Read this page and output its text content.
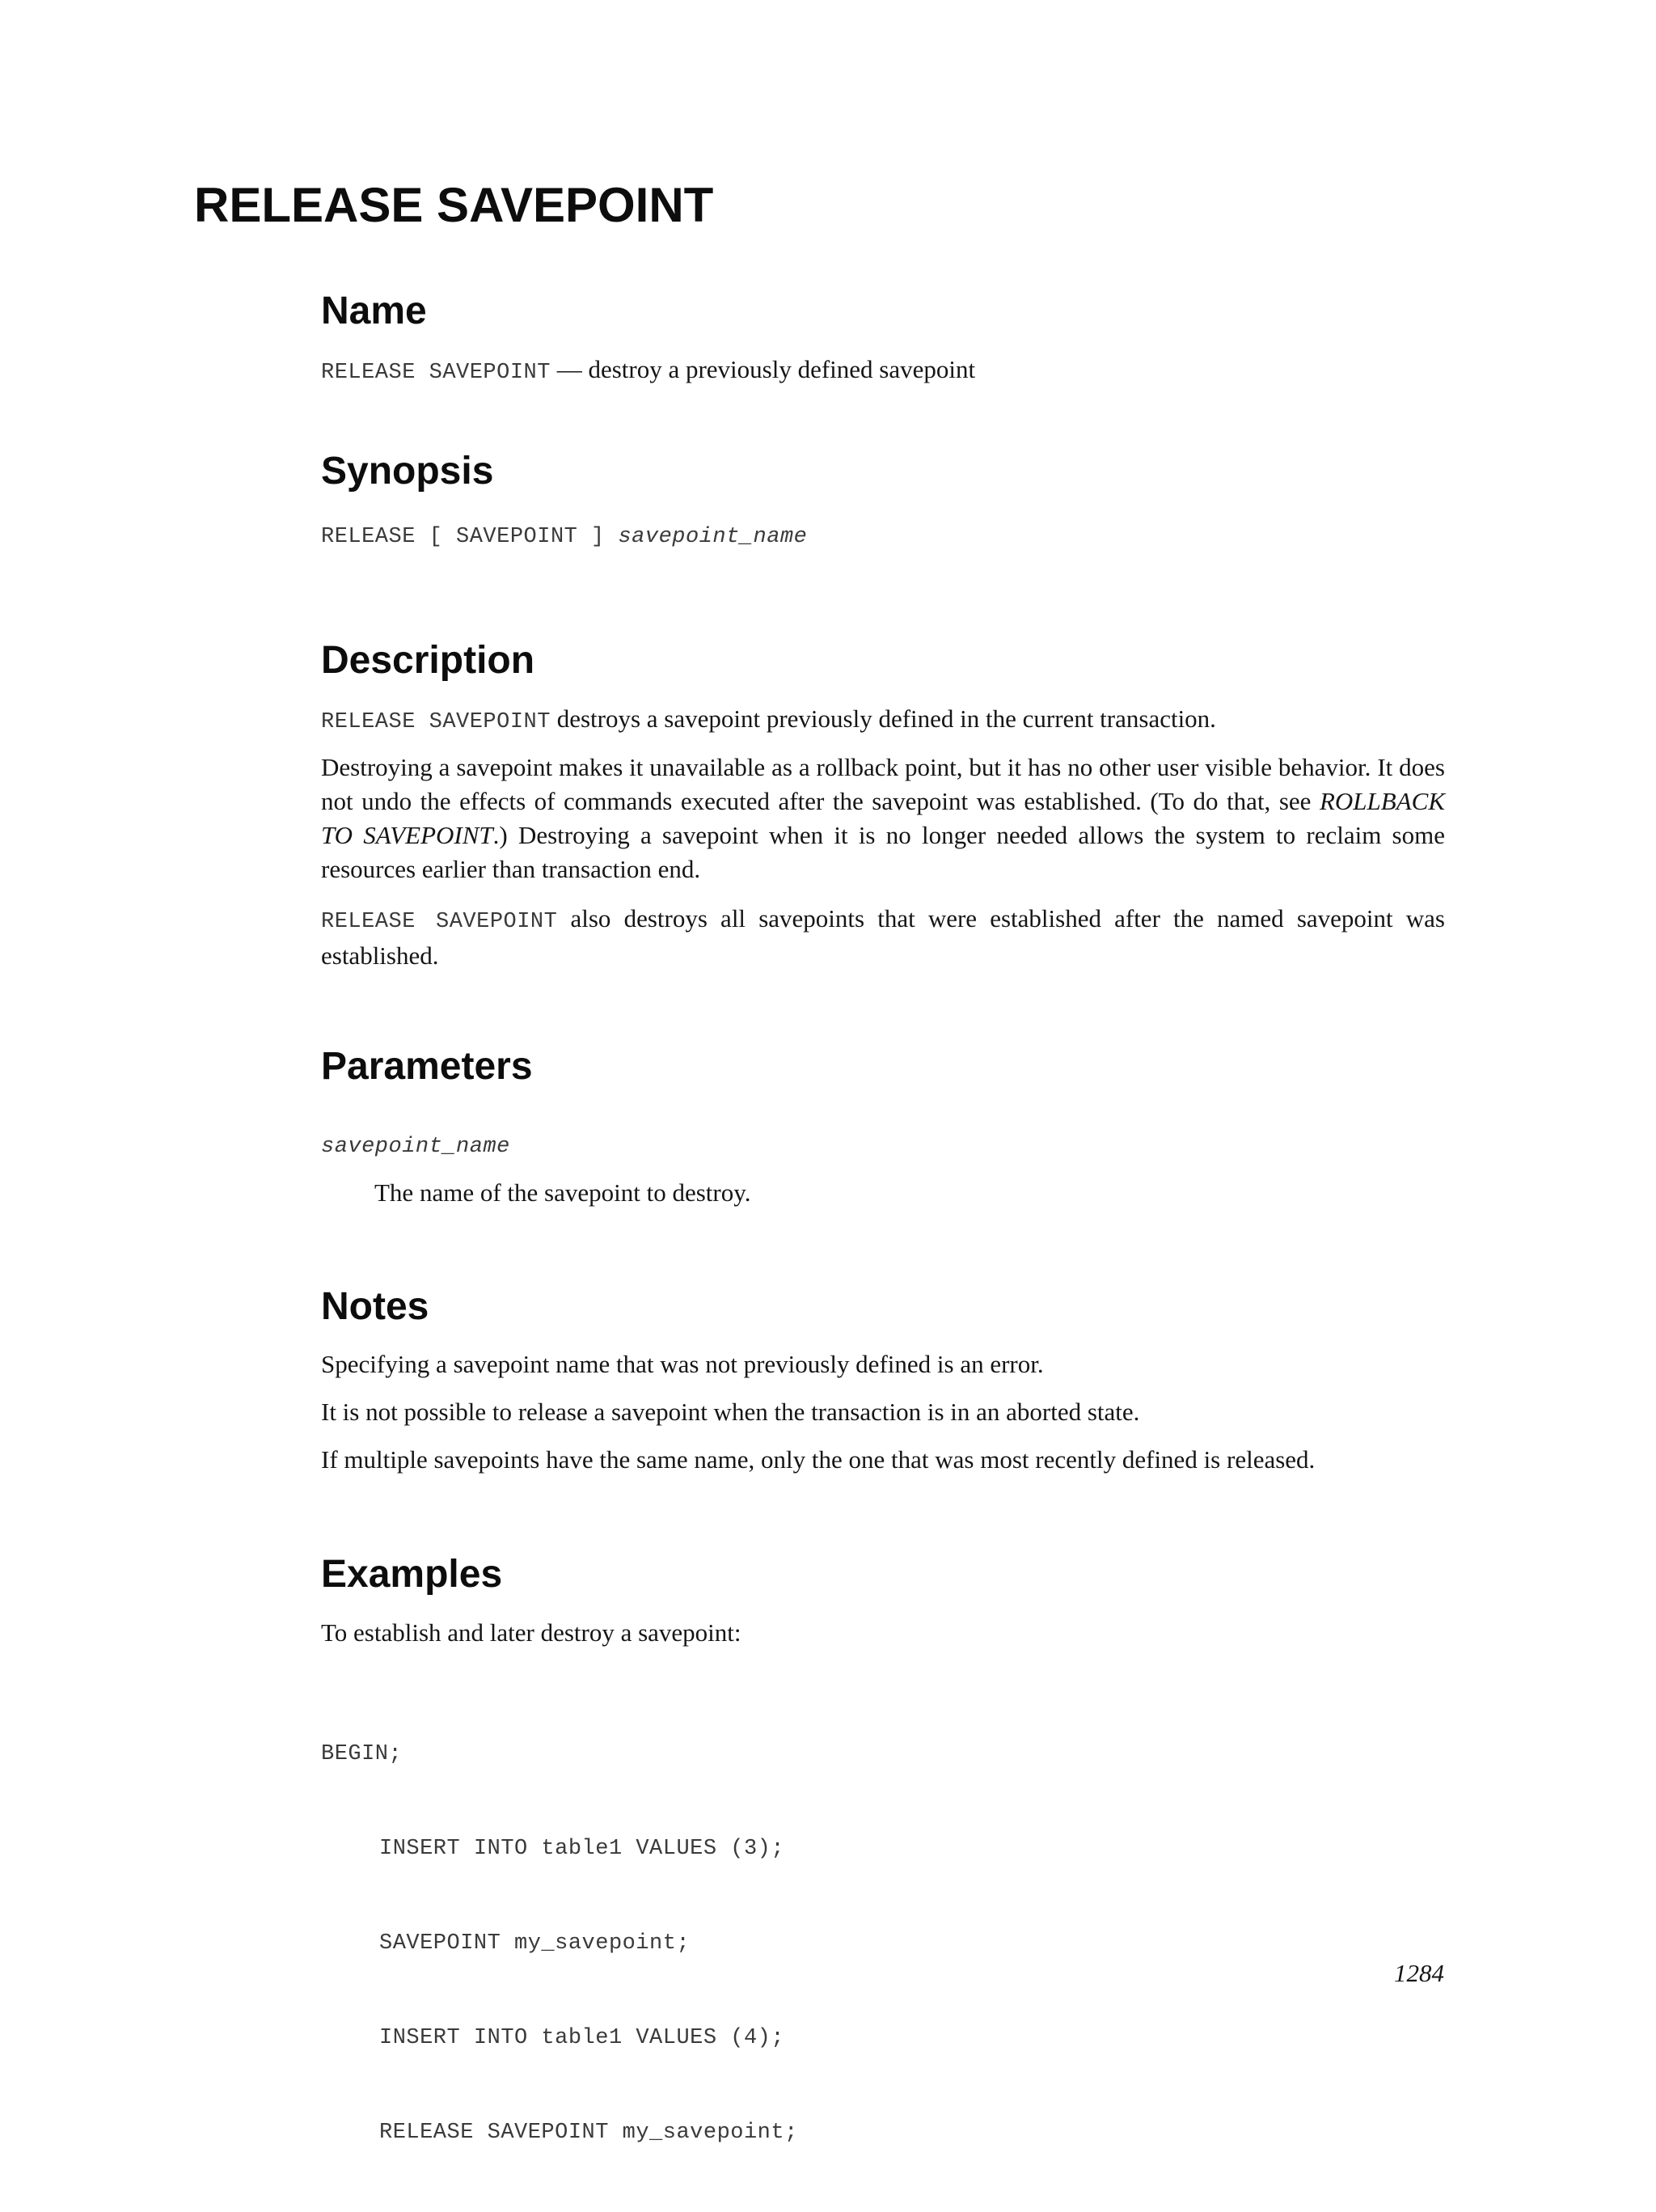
RELEASE SAVEPOINT
Name

RELEASE SAVEPOINT — destroy a previously defined savepoint

Synopsis

RELEASE [ SAVEPOINT ] savepoint_name

Description

RELEASE SAVEPOINT destroys a savepoint previously defined in the current transaction.

Destroying a savepoint makes it unavailable as a rollback point, but it has no other user visible behavior. It does not undo the effects of commands executed after the savepoint was established. (To do that, see ROLLBACK TO SAVEPOINT.) Destroying a savepoint when it is no longer needed allows the system to reclaim some resources earlier than transaction end.

RELEASE SAVEPOINT also destroys all savepoints that were established after the named savepoint was established.

Parameters

savepoint_name

The name of the savepoint to destroy.

Notes

Specifying a savepoint name that was not previously defined is an error.

It is not possible to release a savepoint when the transaction is in an aborted state.

If multiple savepoints have the same name, only the one that was most recently defined is released.

Examples

To establish and later destroy a savepoint:

BEGIN;

INSERT INTO table1 VALUES (3);

SAVEPOINT my_savepoint;

INSERT INTO table1 VALUES (4);

RELEASE SAVEPOINT my_savepoint;

1284
